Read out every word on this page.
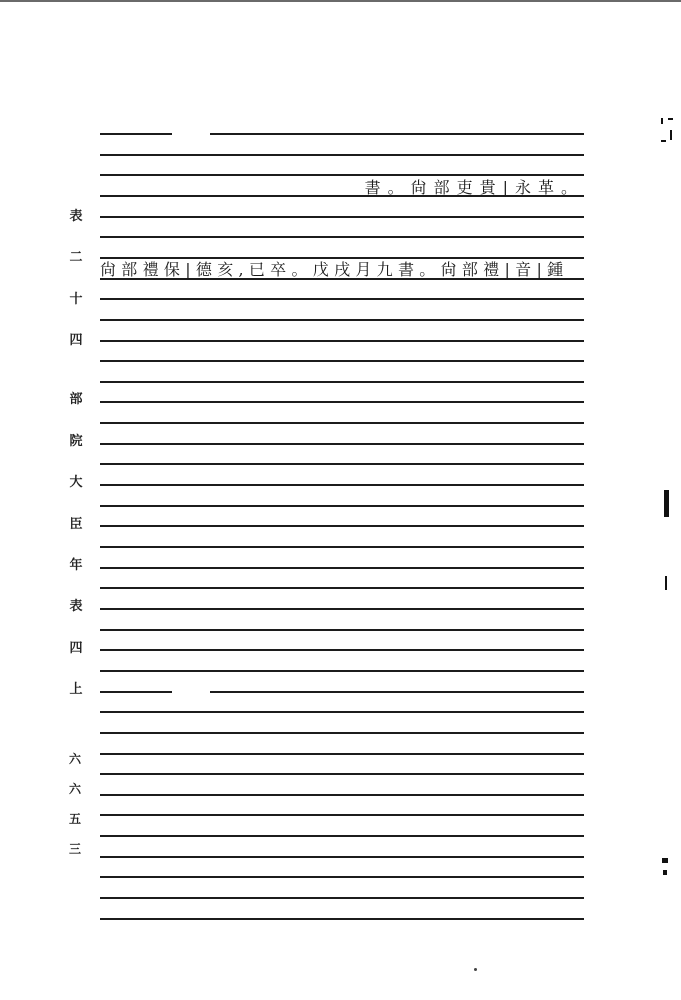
表

二

十

四

部

院

大

臣

年

表

四

上

六

六

五

三

書。尙部吏貴|永革。
尙部禮保|德亥,已卒。戊戌月九書。尙部禮|音|鍾
